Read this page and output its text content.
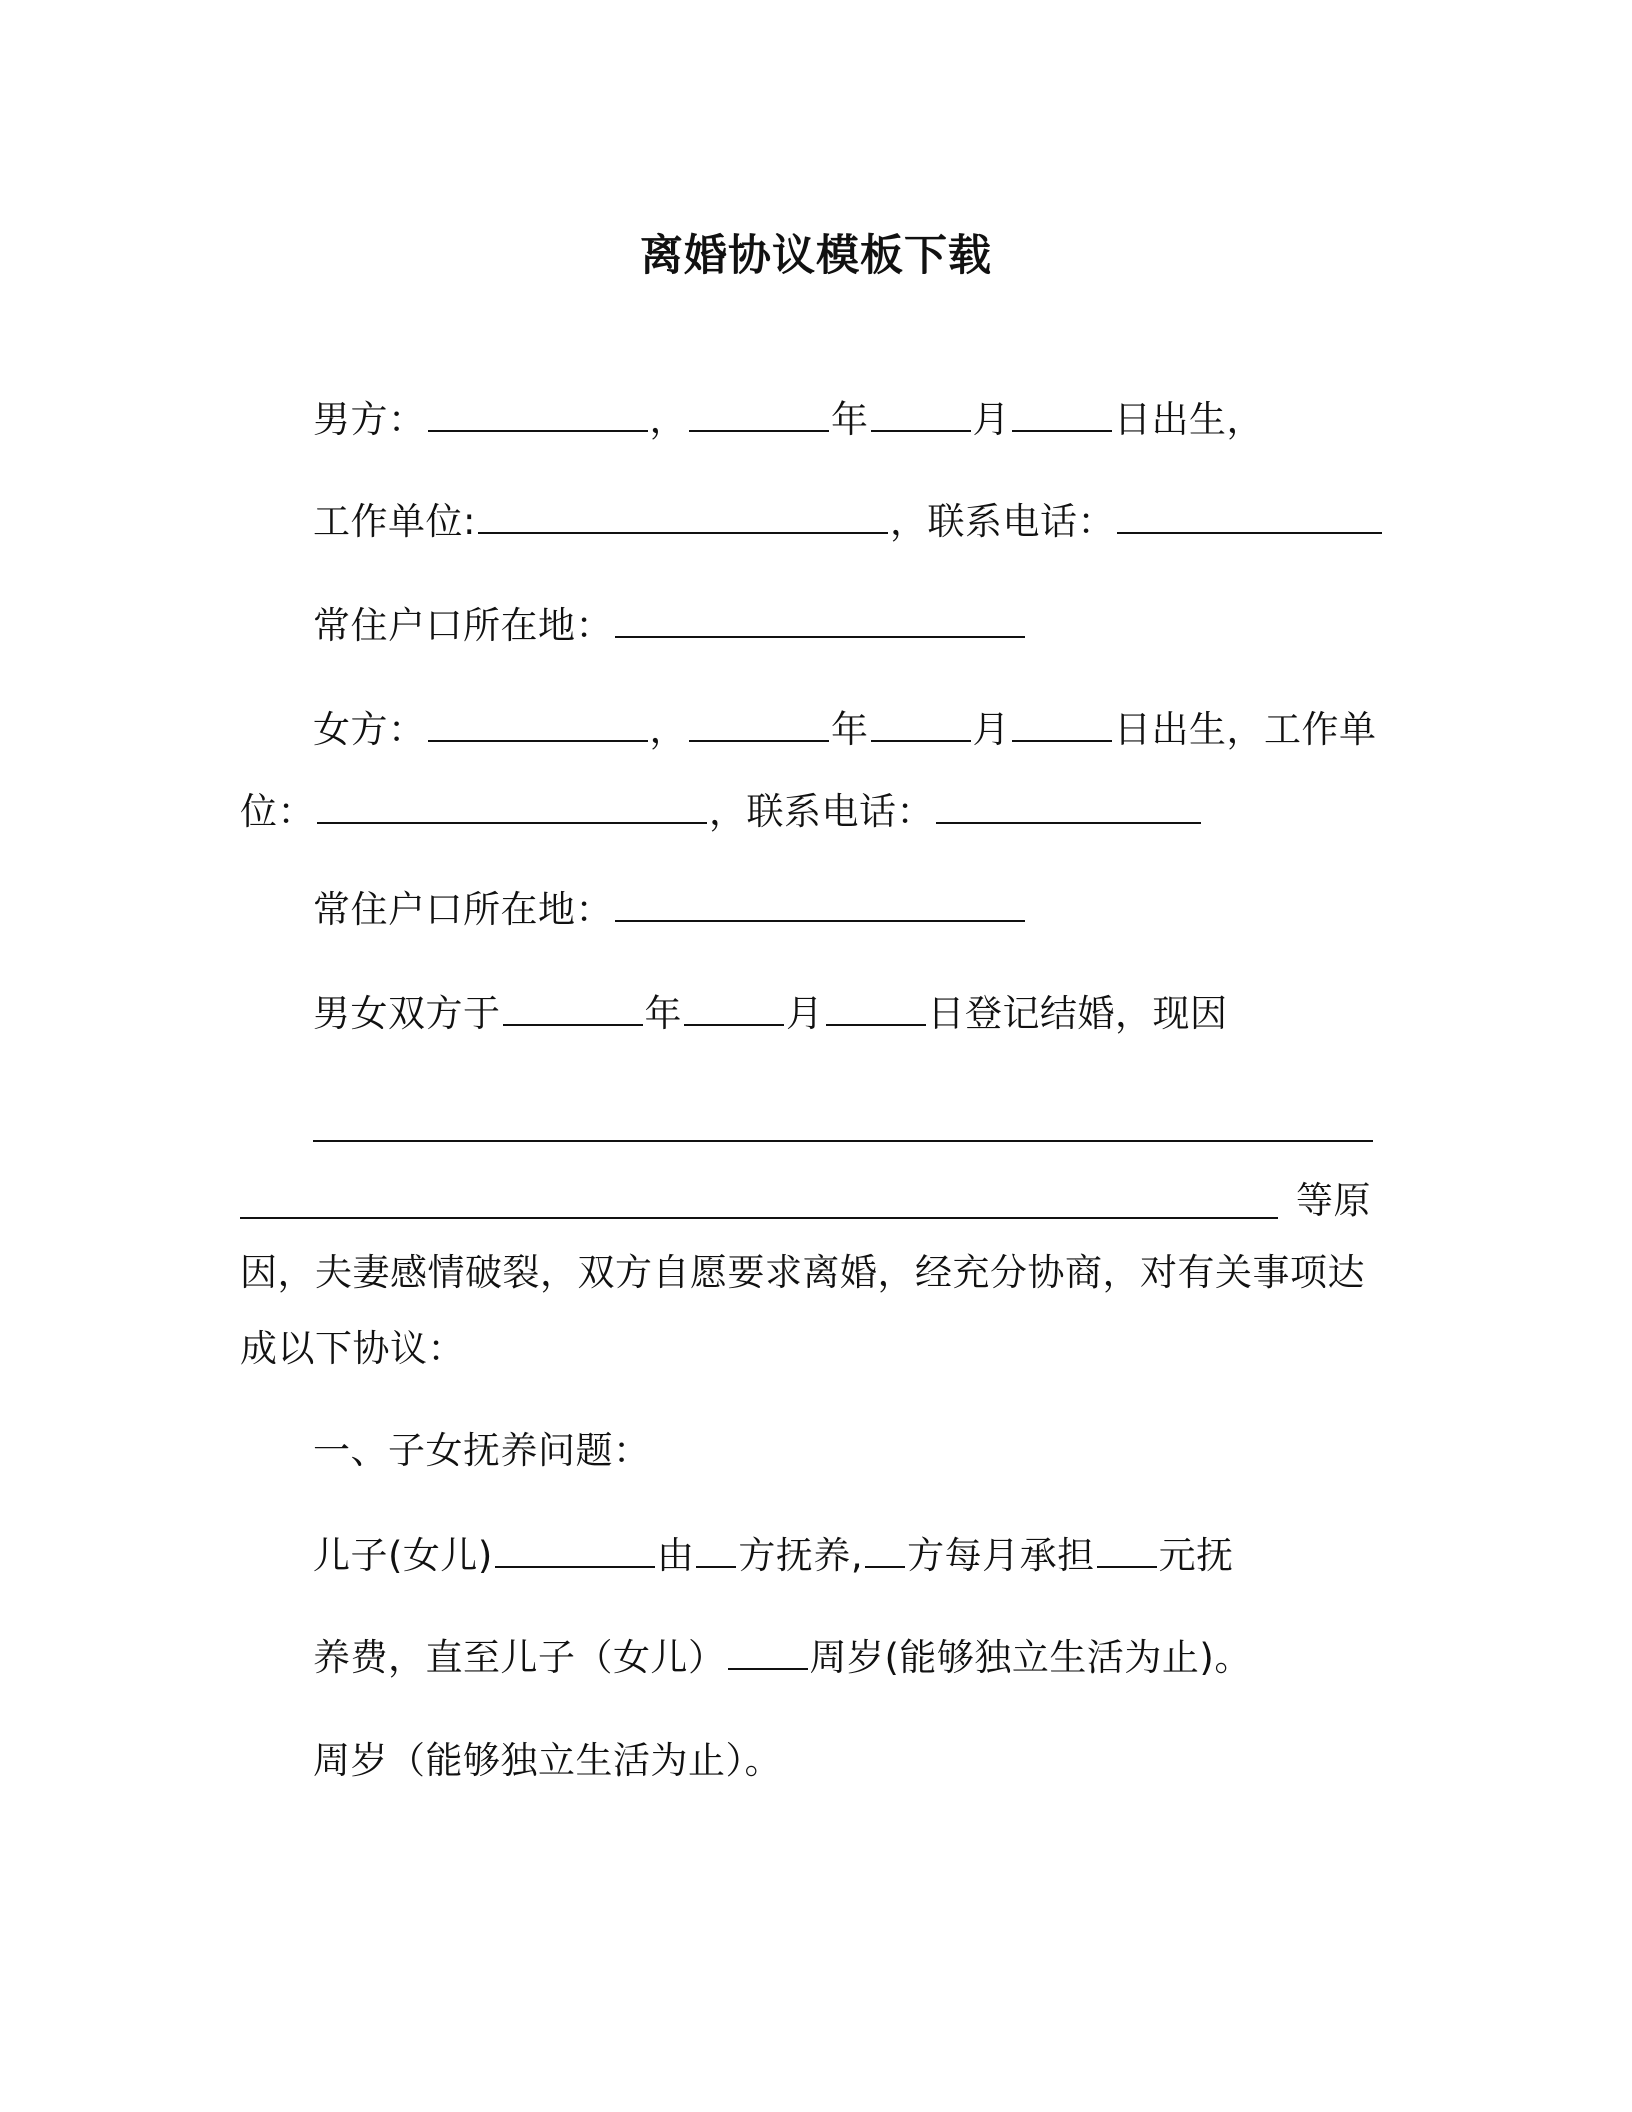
离婚协议模板下载
男方：	，	年	月	日出生，
工作单位:	，联系电话：
常住户口所在地：
女方：	，	年	月	日出生，工作单
位：	，联系电话：
常住户口所在地：
男女双方于	年	月	日登记结婚，现因
等原
因，夫妻感情破裂，双方自愿要求离婚，经充分协商，对有关事项达
成以下协议：
一、子女抚养问题：
儿子(女儿)	由 方抚养, 方每月承担 元抚
养费，直至儿子（女儿） 周岁(能够独立生活为止)。
周岁（能够独立生活为止）。
